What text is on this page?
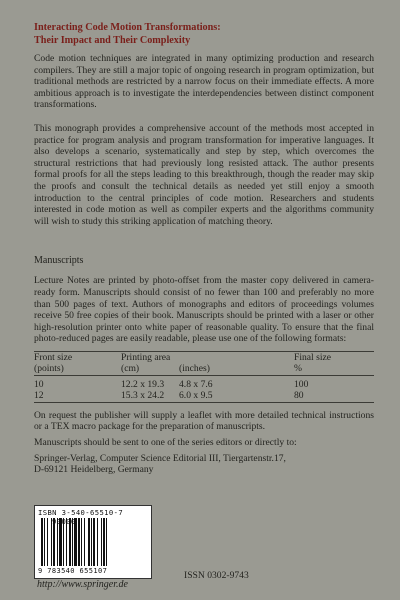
Interacting Code Motion Transformations:
Their Impact and Their Complexity

Code motion techniques are integrated in many optimizing production and research compilers. They are still a major topic of ongoing research in program optimization, but traditional methods are restricted by a narrow focus on their immediate effects. A more ambitious approach is to investigate the interdependencies between distinct component transformations.

This monograph provides a comprehensive account of the methods most accepted in practice for program analysis and program transformation for imperative languages. It also develops a scenario, systematically and step by step, which overcomes the structural restrictions that had previously long resisted attack. The author presents formal proofs for all the steps leading to this breakthrough, though the reader may skip the proofs and consult the technical details as needed yet still enjoy a smooth introduction to the central principles of code motion. Researchers and students interested in code motion as well as compiler experts and the algorithms community will wish to study this striking application of matching theory.

Manuscripts

Lecture Notes are printed by photo-offset from the master copy delivered in camera-ready form. Manuscripts should consist of no fewer than 100 and preferably no more than 500 pages of text. Authors of monographs and editors of proceedings volumes receive 50 free copies of their book. Manuscripts should be printed with a laser or other high-resolution printer onto white paper of reasonable quality. To ensure that the final photo-reduced pages are easily readable, please use one of the following formats:

Front size	Printing area		Final size
(points)	(cm)	(inches)	%

10	12.2 x 19.3	4.8 x 7.6	100
12	15.3 x 24.2	6.0 x 9.5	80

On request the publisher will supply a leaflet with more detailed technical instructions or a TEX macro package for the preparation of manuscripts.

Manuscripts should be sent to one of the series editors or directly to:

Springer-Verlag, Computer Science Editorial III, Tiergartenstr.17,
D-69121 Heidelberg, Germany
ISBN 3-540-65510-7
9 783540 655107
http://www.springer.de
ISSN 0302-9743
